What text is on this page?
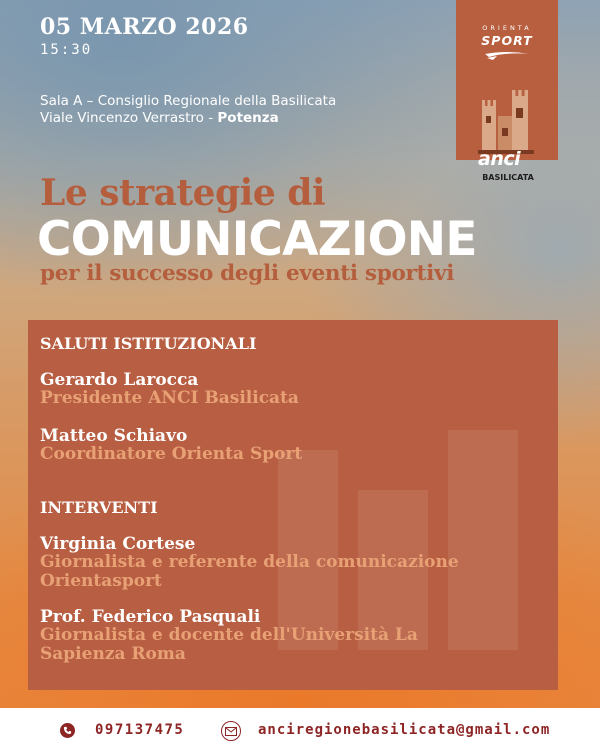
05 MARZO 2026
15:30
Sala A – Consiglio Regionale della Basilicata
Viale Vincenzo Verrastro - Potenza
ORIENTA
SPORT
anci
BASILICATA
Le strategie di
COMUNICAZIONE
per il successo degli eventi sportivi
SALUTI ISTITUZIONALI
Gerardo Larocca
Presidente ANCI Basilicata
Matteo Schiavo
Coordinatore Orienta Sport
INTERVENTI
Virginia Cortese
Giornalista e referente della comunicazione
Orientasport
Prof. Federico Pasquali
Giornalista e docente dell'Università La
Sapienza Roma
097137475	anciregionebasilicata@gmail.com
